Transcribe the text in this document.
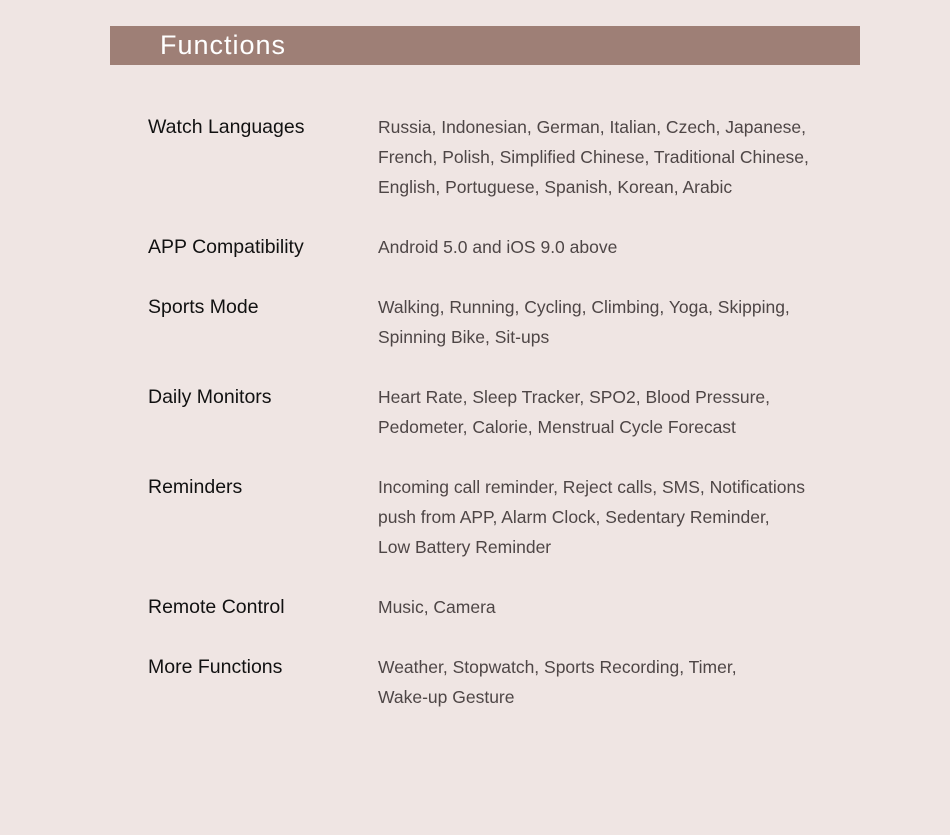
Functions
Watch Languages	Russia, Indonesian, German, Italian, Czech, Japanese,
French, Polish, Simplified Chinese, Traditional Chinese,
English, Portuguese, Spanish, Korean, Arabic
APP Compatibility	Android 5.0 and iOS 9.0 above
Sports Mode	Walking, Running, Cycling, Climbing, Yoga, Skipping,
Spinning Bike, Sit-ups
Daily Monitors	Heart Rate, Sleep Tracker, SPO2, Blood Pressure,
Pedometer, Calorie, Menstrual Cycle Forecast
Reminders	Incoming call reminder, Reject calls, SMS, Notifications
push from APP, Alarm Clock, Sedentary Reminder,
Low Battery Reminder
Remote Control	Music, Camera
More Functions	Weather, Stopwatch, Sports Recording, Timer,
Wake-up Gesture
